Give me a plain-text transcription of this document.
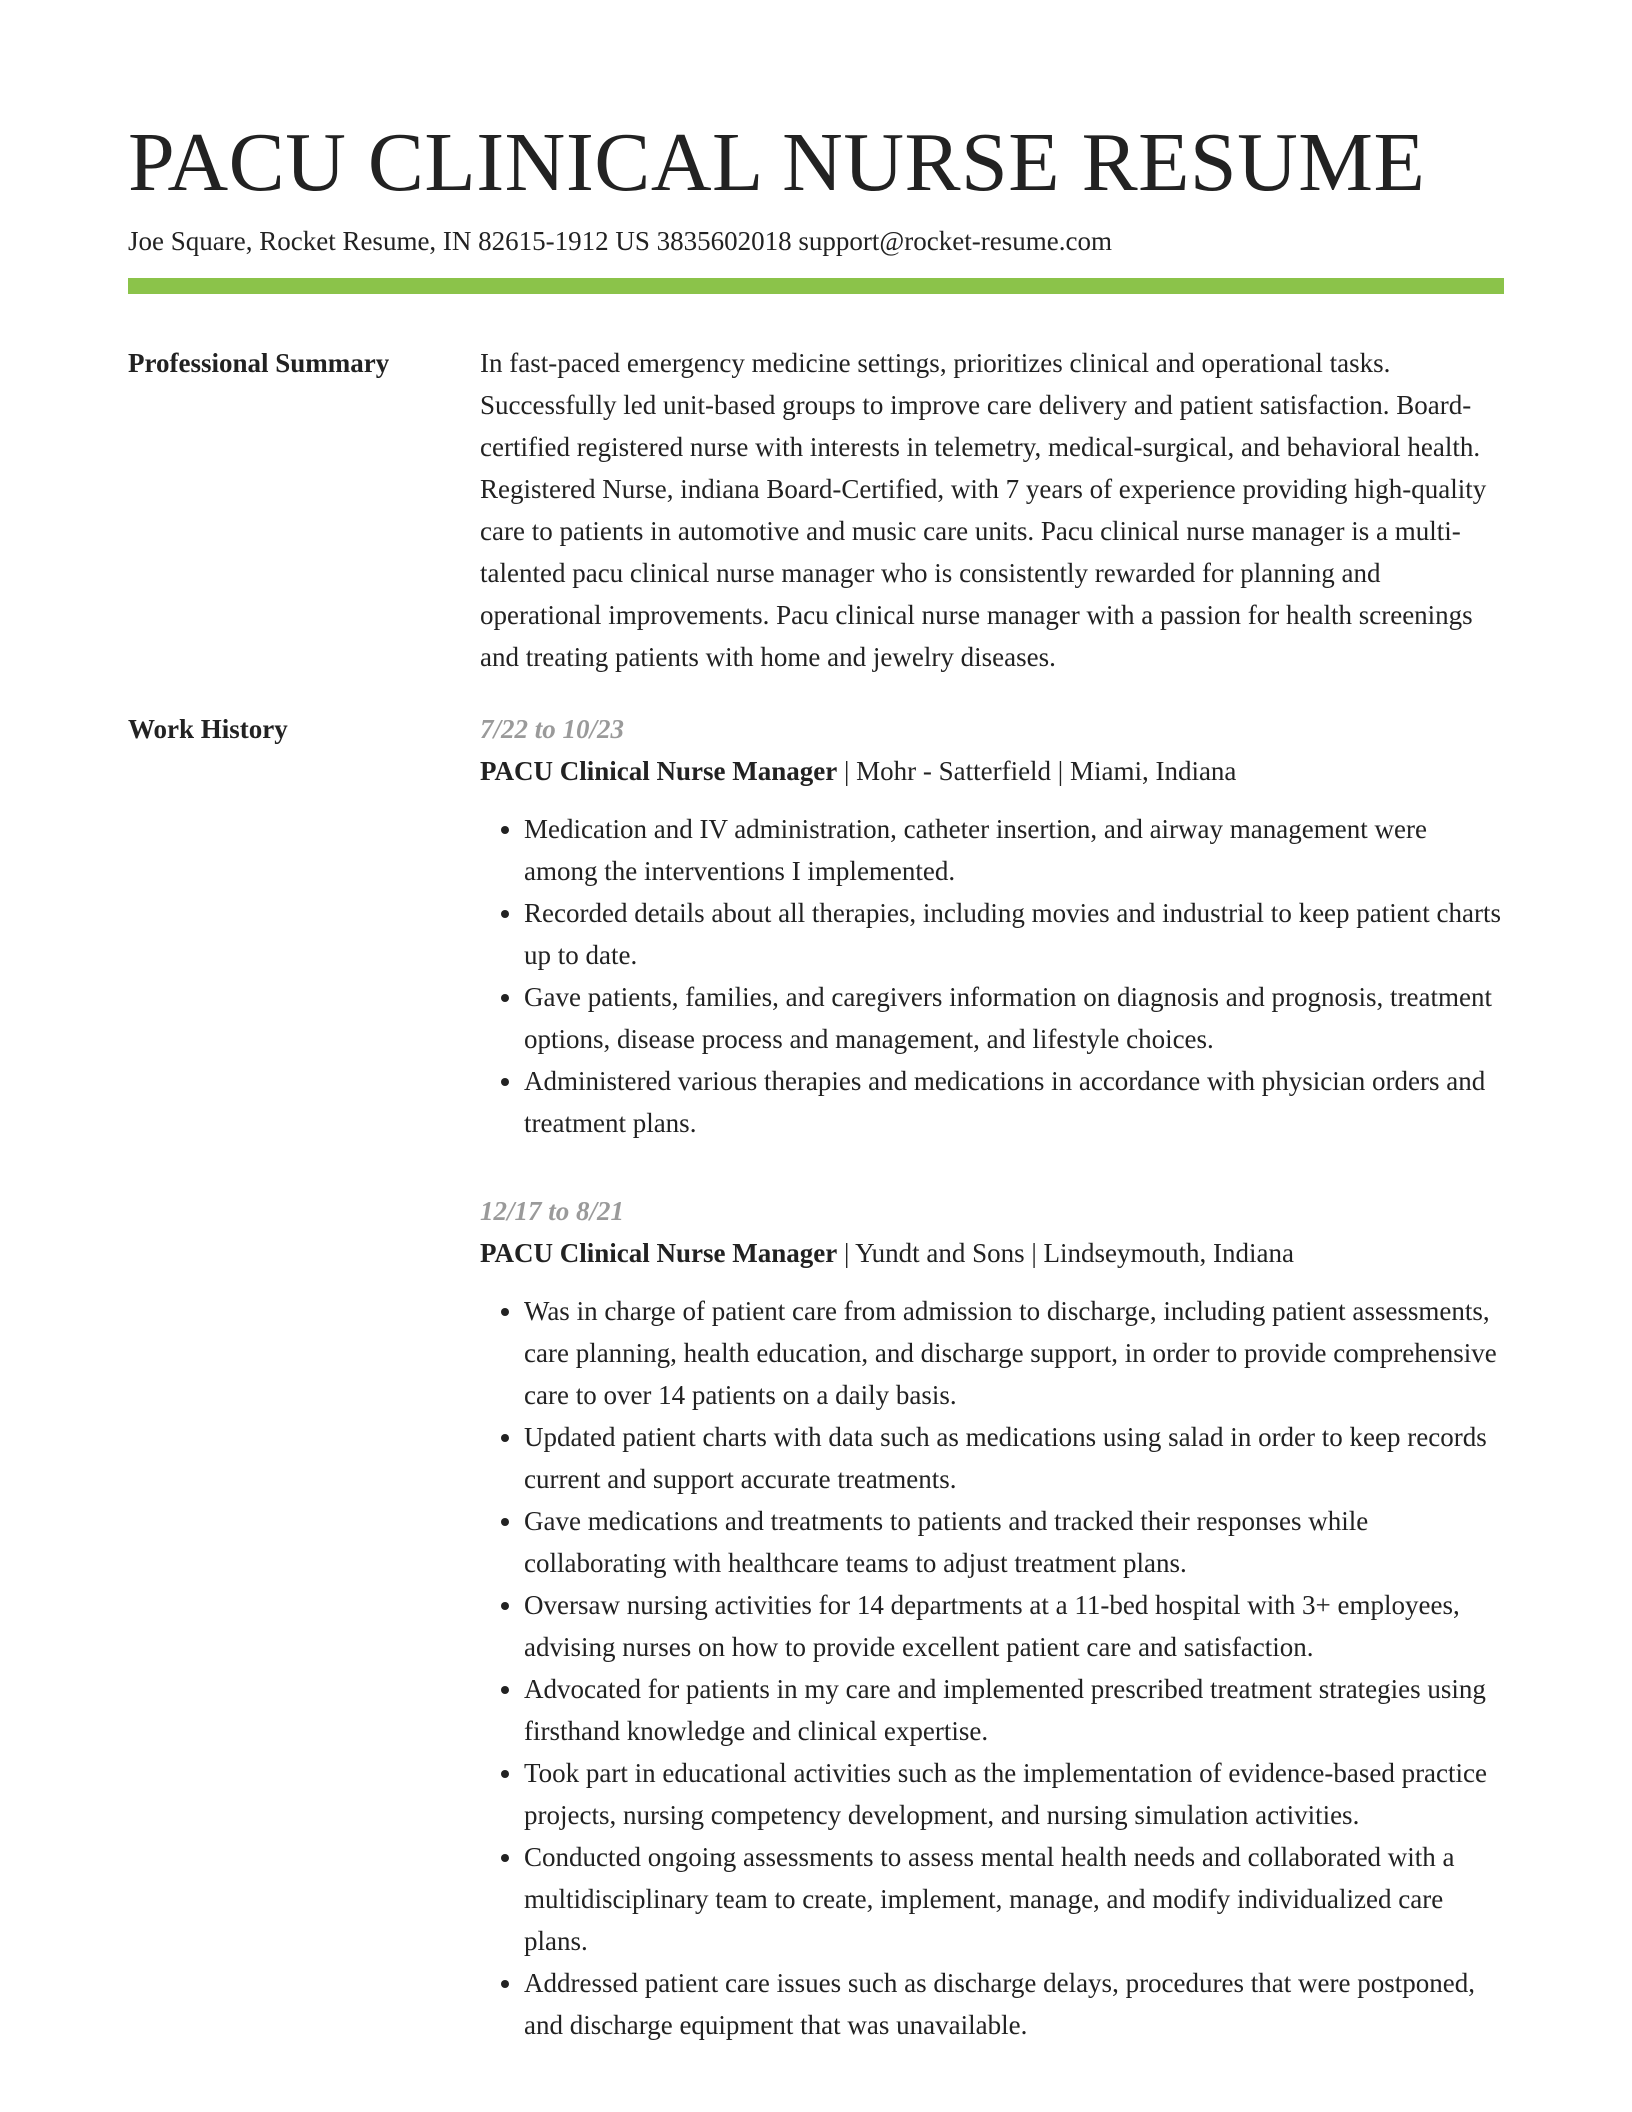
PACU CLINICAL NURSE RESUME
Joe Square, Rocket Resume, IN 82615-1912 US 3835602018 support@rocket-resume.com
Professional Summary	In fast-paced emergency medicine settings, prioritizes clinical and operational tasks. Successfully led unit-based groups to improve care delivery and patient satisfaction. Board-certified registered nurse with interests in telemetry, medical-surgical, and behavioral health. Registered Nurse, indiana Board-Certified, with 7 years of experience providing high-quality care to patients in automotive and music care units. Pacu clinical nurse manager is a multi-talented pacu clinical nurse manager who is consistently rewarded for planning and operational improvements. Pacu clinical nurse manager with a passion for health screenings and treating patients with home and jewelry diseases.

Work History	7/22 to 10/23
PACU Clinical Nurse Manager | Mohr - Satterfield | Miami, Indiana
• Medication and IV administration, catheter insertion, and airway management were among the interventions I implemented.
• Recorded details about all therapies, including movies and industrial to keep patient charts up to date.
• Gave patients, families, and caregivers information on diagnosis and prognosis, treatment options, disease process and management, and lifestyle choices.
• Administered various therapies and medications in accordance with physician orders and treatment plans.
12/17 to 8/21
PACU Clinical Nurse Manager | Yundt and Sons | Lindseymouth, Indiana
• Was in charge of patient care from admission to discharge, including patient assessments, care planning, health education, and discharge support, in order to provide comprehensive care to over 14 patients on a daily basis.
• Updated patient charts with data such as medications using salad in order to keep records current and support accurate treatments.
• Gave medications and treatments to patients and tracked their responses while collaborating with healthcare teams to adjust treatment plans.
• Oversaw nursing activities for 14 departments at a 11-bed hospital with 3+ employees, advising nurses on how to provide excellent patient care and satisfaction.
• Advocated for patients in my care and implemented prescribed treatment strategies using firsthand knowledge and clinical expertise.
• Took part in educational activities such as the implementation of evidence-based practice projects, nursing competency development, and nursing simulation activities.
• Conducted ongoing assessments to assess mental health needs and collaborated with a multidisciplinary team to create, implement, manage, and modify individualized care plans.
• Addressed patient care issues such as discharge delays, procedures that were postponed, and discharge equipment that was unavailable.
